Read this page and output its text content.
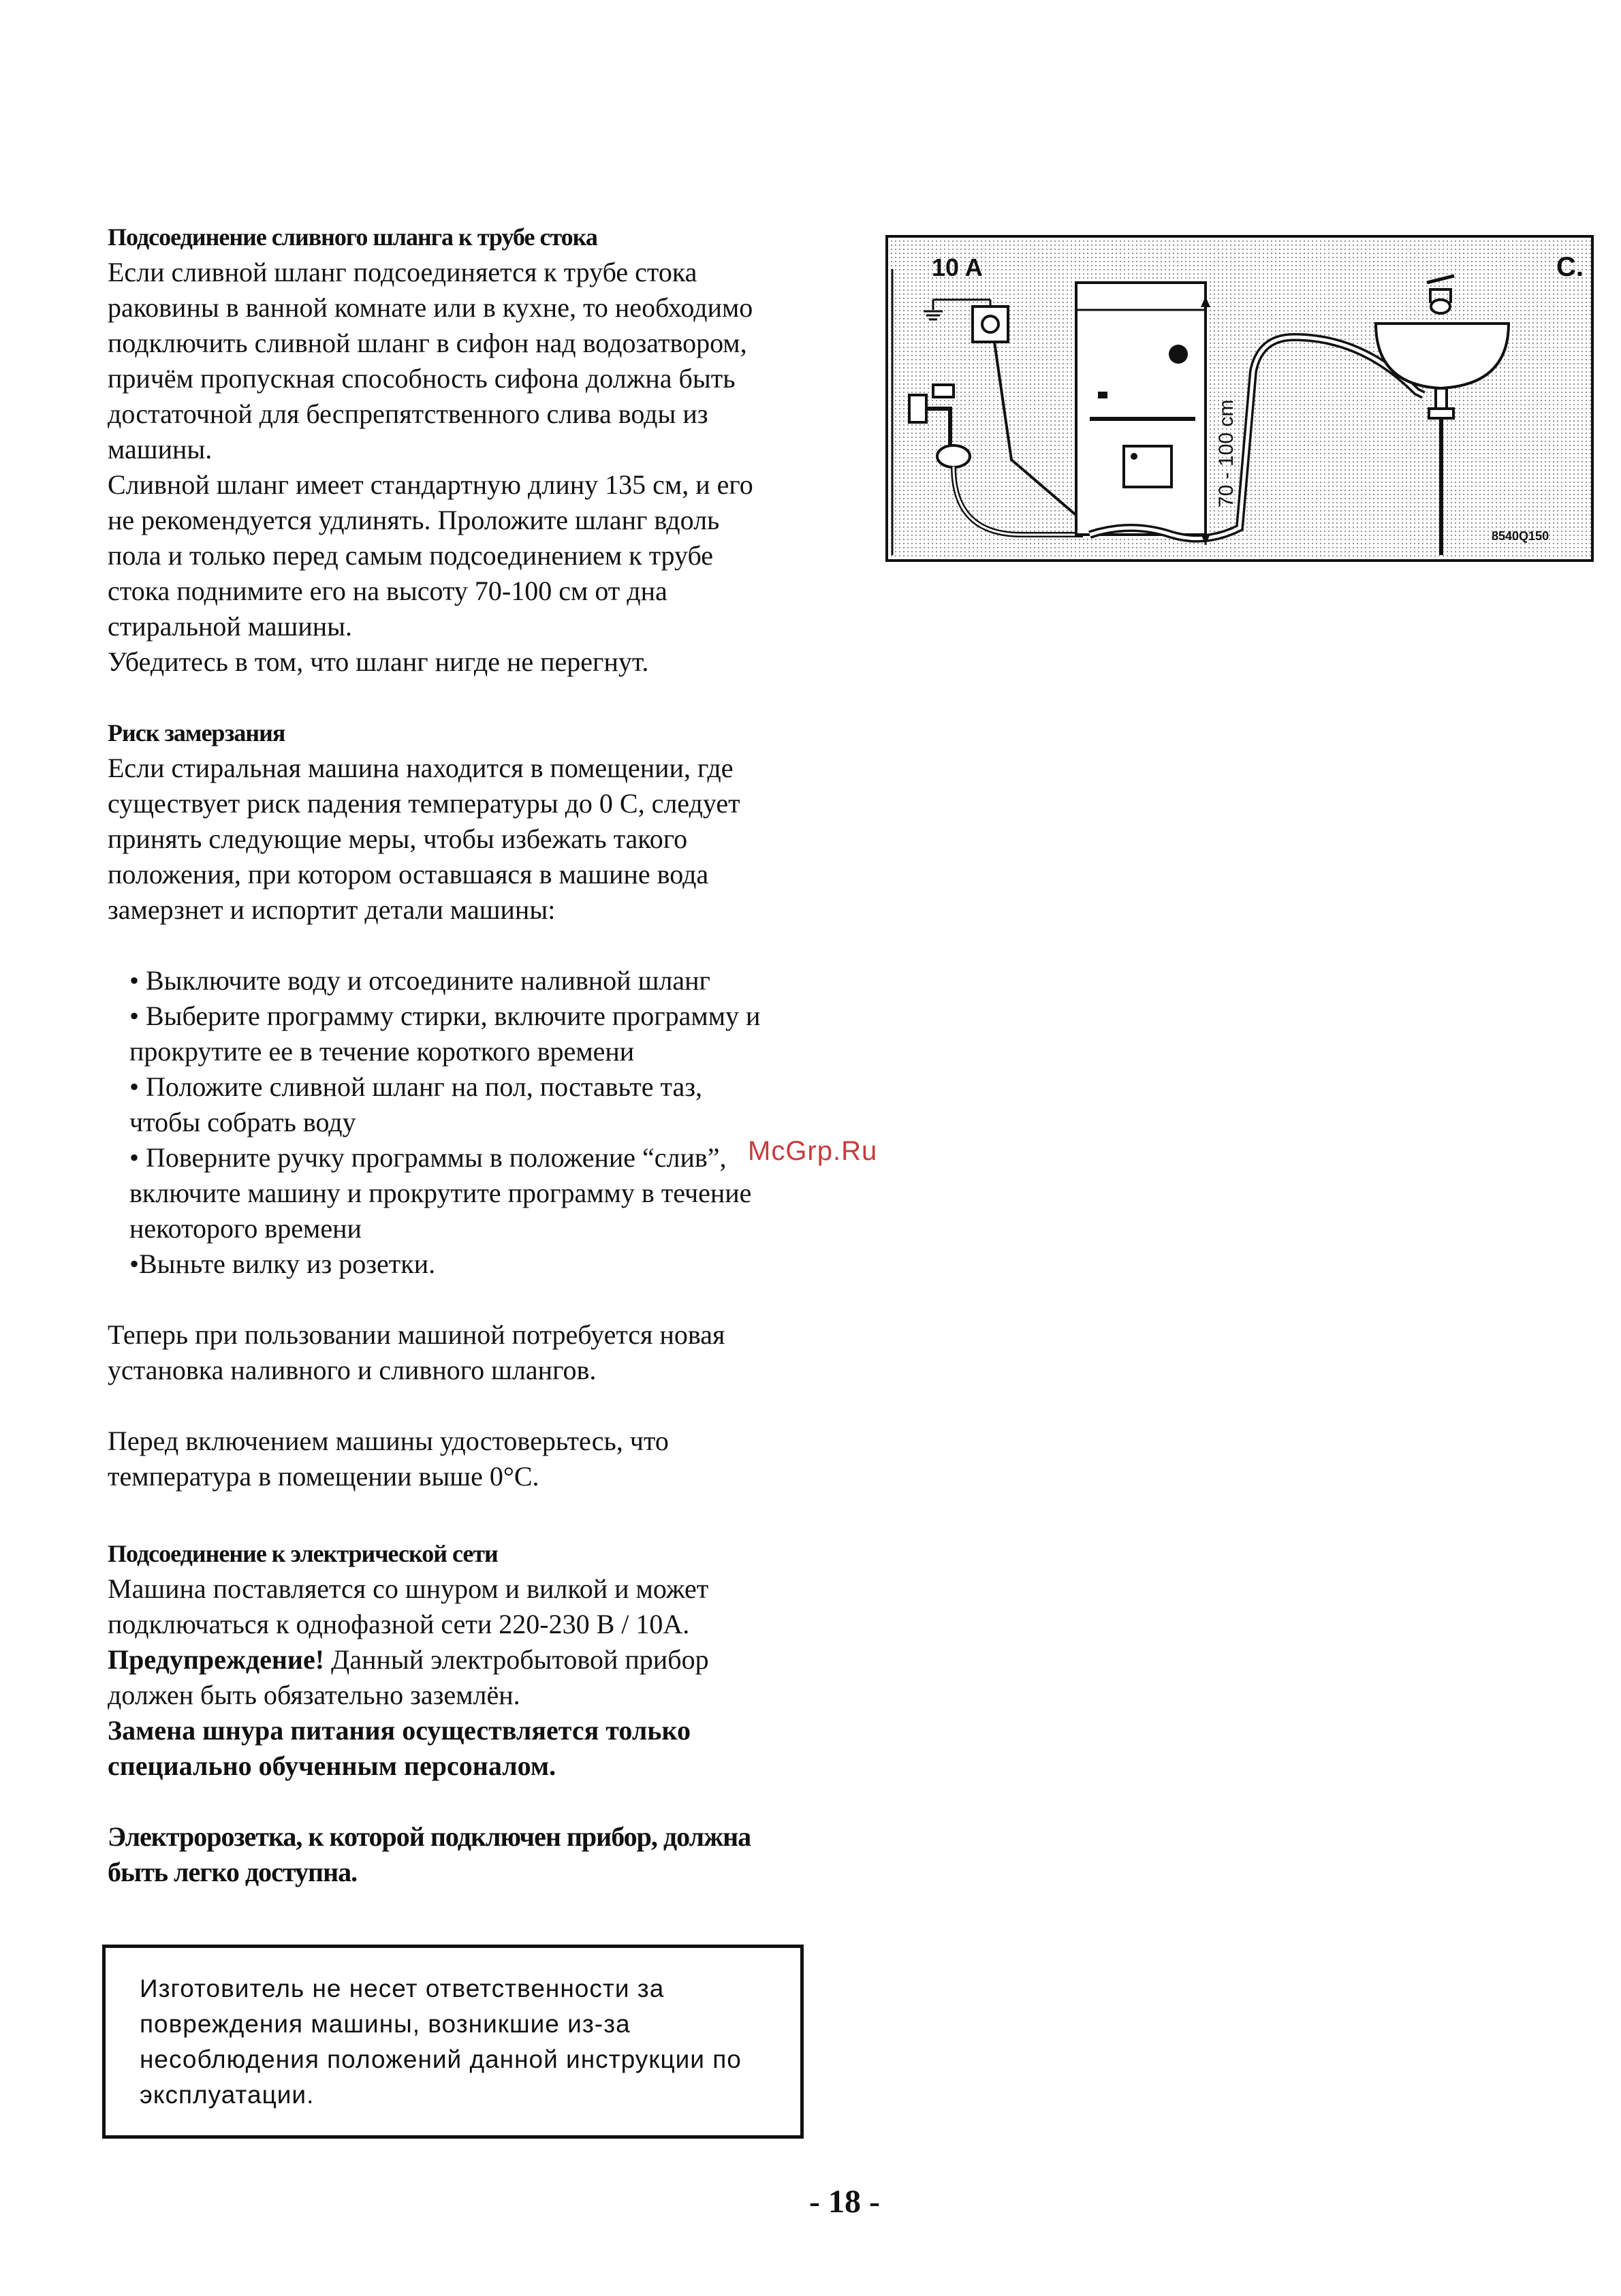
Подсоединение сливного шланга к трубе стока

Если сливной шланг подсоединяется к трубе стока

раковины в ванной комнате или в кухне, то необходимо

подключить сливной шланг в сифон над водозатвором,

причём пропускная способность сифона должна быть

достаточной для беспрепятственного слива воды из

машины.

Сливной шланг имеет стандартную длину 135 см, и его

не рекомендуется удлинять. Проложите шланг вдоль

пола и только перед самым подсоединением к трубе

стока поднимите его на высоту 70-100 см от дна

стиральной машины.

Убедитесь в том, что шланг нигде не перегнут.

Риск замерзания

Если стиральная машина находится в помещении, где

существует риск падения температуры до 0 С, следует

принять следующие меры, чтобы избежать такого

положения, при котором оставшаяся в машине вода

замерзнет и испортит детали машины:

• Выключите воду и отсоедините наливной шланг

• Выберите программу стирки, включите программу и

прокрутите ее в течение короткого времени

• Положите сливной шланг на пол, поставьте таз,

чтобы собрать воду

• Поверните ручку программы в положение “слив”,

включите машину и прокрутите программу в течение

некоторого времени

•Выньте вилку из розетки.

Теперь при пользовании машиной потребуется новая

установка наливного и сливного шлангов.

Перед включением машины удостоверьтесь, что

температура в помещении выше 0°С.

Подсоединение к электрической сети

Машина поставляется со шнуром и вилкой и может

подключаться к однофазной сети 220-230 В / 10А.

Предупреждение! Данный электробытовой прибор

должен быть обязательно заземлён.

Замена шнура питания осуществляется только

специально обученным персоналом.

Электророзетка, к которой подключен прибор, должна

быть легко доступна.

Изготовитель не несет ответственности за

повреждения машины, возникшие из-за

несоблюдения положений данной инструкции по

эксплуатации.

10 A
70 - 100 cm
C.
8540Q150
McGrp.Ru
- 18 -
